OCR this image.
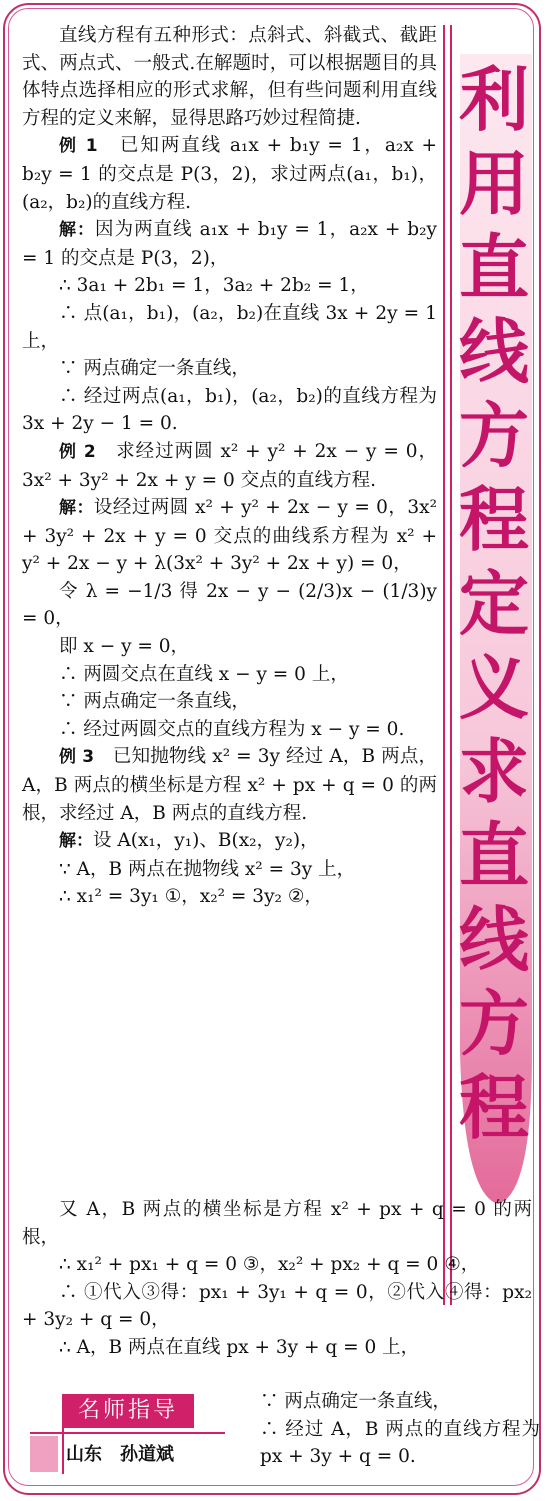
利
用
直
线
方
程
定
义
求
直
线
方
程

直线方程有五种形式：点斜式、斜截式、截距式、两点式、一般式.在解题时，可以根据题目的具体特点选择相应的形式求解，但有些问题利用直线方程的定义来解，显得思路巧妙过程简捷.

例 1　 已知两直线 a₁x + b₁y = 1，a₂x + b₂y = 1 的交点是 P(3，2)，求过两点(a₁，b₁)，(a₂，b₂)的直线方程.

解：因为两直线 a₁x + b₁y = 1，a₂x + b₂y = 1 的交点是 P(3，2)，

∴ 3a₁ + 2b₁ = 1，3a₂ + 2b₂ = 1，

∴ 点(a₁，b₁)，(a₂，b₂)在直线 3x + 2y = 1 上，

∵ 两点确定一条直线，

∴ 经过两点(a₁，b₁)，(a₂，b₂)的直线方程为 3x + 2y − 1 = 0.

例 2　 求经过两圆 x² + y² + 2x − y = 0，3x² + 3y² + 2x + y = 0 交点的直线方程.

解：设经过两圆 x² + y² + 2x − y = 0，3x² + 3y² + 2x + y = 0 交点的曲线系方程为 x² + y² + 2x − y + λ(3x² + 3y² + 2x + y) = 0，

令 λ = −1/3 得 2x − y − (2/3)x − (1/3)y = 0，

即 x − y = 0，

∴ 两圆交点在直线 x − y = 0 上，

∵ 两点确定一条直线，

∴ 经过两圆交点的直线方程为 x − y = 0.

例 3　 已知抛物线 x² = 3y 经过 A，B 两点，A，B 两点的横坐标是方程 x² + px + q = 0 的两根，求经过 A，B 两点的直线方程.

解：设 A(x₁，y₁)、B(x₂，y₂)，

∵ A，B 两点在抛物线 x² = 3y 上，

∴ x₁² = 3y₁ ①，x₂² = 3y₂ ②，

又 A，B 两点的横坐标是方程 x² + px + q = 0 的两根，

∴ x₁² + px₁ + q = 0 ③，x₂² + px₂ + q = 0 ④，

∴ ①代入③得：px₁ + 3y₁ + q = 0，②代入④得：px₂ + 3y₂ + q = 0，

∴ A，B 两点在直线 px + 3y + q = 0 上，

名师指导
山东　孙道斌

∵ 两点确定一条直线，

∴ 经过 A，B 两点的直线方程为 px + 3y + q = 0.
